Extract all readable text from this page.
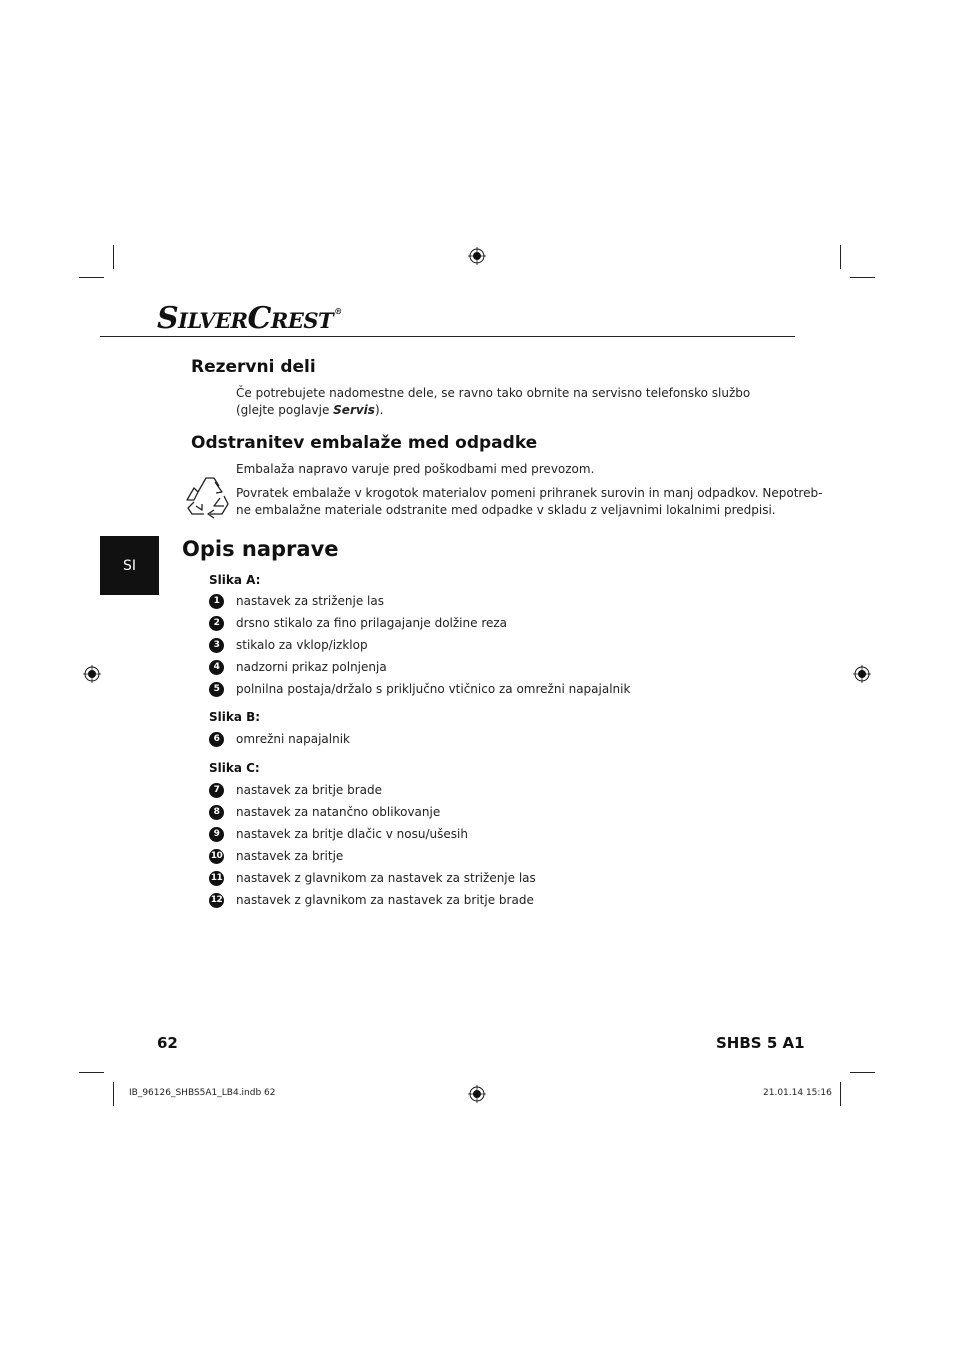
SILVERCREST®
Rezervni deli
Če potrebujete nadomestne dele, se ravno tako obrnite na servisno telefonsko službo
(glejte poglavje Servis).
Odstranitev embalaže med odpadke
Embalaža napravo varuje pred poškodbami med prevozom.
Povratek embalaže v krogotok materialov pomeni prihranek surovin in manj odpadkov. Nepotreb-
ne embalažne materiale odstranite med odpadke v skladu z veljavnimi lokalnimi predpisi.
SI
Opis naprave
Slika A:
1	nastavek za striženje las
2	drsno stikalo za fino prilagajanje dolžine reza
3	stikalo za vklop/izklop
4	nadzorni prikaz polnjenja
5	polnilna postaja/držalo s priključno vtičnico za omrežni napajalnik
Slika B:
6	omrežni napajalnik
Slika C:
7	nastavek za britje brade
8	nastavek za natančno oblikovanje
9	nastavek za britje dlačic v nosu/ušesih
10 nastavek za britje
11 nastavek z glavnikom za nastavek za striženje las
12 nastavek z glavnikom za nastavek za britje brade
62	SHBS 5 A1
IB_96126_SHBS5A1_LB4.indb 62	21.01.14 15:16
